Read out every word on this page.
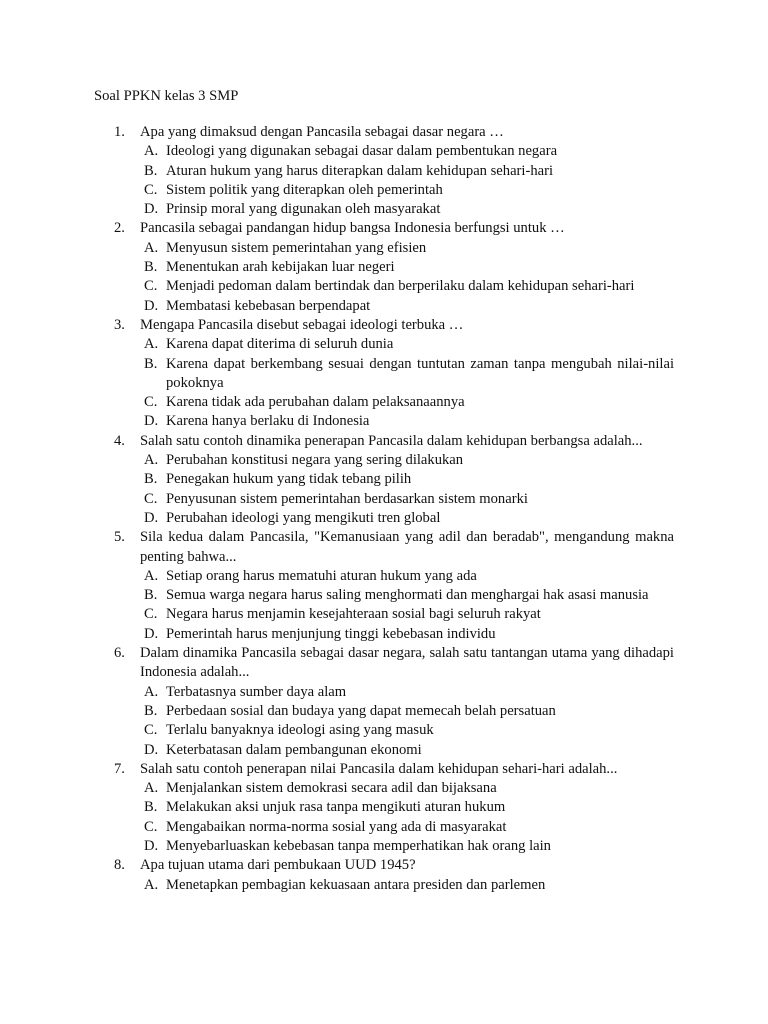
Soal PPKN kelas 3 SMP
1. Apa yang dimaksud dengan Pancasila sebagai dasar negara …
A. Ideologi yang digunakan sebagai dasar dalam pembentukan negara
B. Aturan hukum yang harus diterapkan dalam kehidupan sehari-hari
C. Sistem politik yang diterapkan oleh pemerintah
D. Prinsip moral yang digunakan oleh masyarakat
2. Pancasila sebagai pandangan hidup bangsa Indonesia berfungsi untuk …
A. Menyusun sistem pemerintahan yang efisien
B. Menentukan arah kebijakan luar negeri
C. Menjadi pedoman dalam bertindak dan berperilaku dalam kehidupan sehari-hari
D. Membatasi kebebasan berpendapat
3. Mengapa Pancasila disebut sebagai ideologi terbuka …
A. Karena dapat diterima di seluruh dunia
B. Karena dapat berkembang sesuai dengan tuntutan zaman tanpa mengubah nilai-nilai pokoknya
C. Karena tidak ada perubahan dalam pelaksanaannya
D. Karena hanya berlaku di Indonesia
4. Salah satu contoh dinamika penerapan Pancasila dalam kehidupan berbangsa adalah...
A. Perubahan konstitusi negara yang sering dilakukan
B. Penegakan hukum yang tidak tebang pilih
C. Penyusunan sistem pemerintahan berdasarkan sistem monarki
D. Perubahan ideologi yang mengikuti tren global
5. Sila kedua dalam Pancasila, "Kemanusiaan yang adil dan beradab", mengandung makna penting bahwa...
A. Setiap orang harus mematuhi aturan hukum yang ada
B. Semua warga negara harus saling menghormati dan menghargai hak asasi manusia
C. Negara harus menjamin kesejahteraan sosial bagi seluruh rakyat
D. Pemerintah harus menjunjung tinggi kebebasan individu
6. Dalam dinamika Pancasila sebagai dasar negara, salah satu tantangan utama yang dihadapi Indonesia adalah...
A. Terbatasnya sumber daya alam
B. Perbedaan sosial dan budaya yang dapat memecah belah persatuan
C. Terlalu banyaknya ideologi asing yang masuk
D. Keterbatasan dalam pembangunan ekonomi
7. Salah satu contoh penerapan nilai Pancasila dalam kehidupan sehari-hari adalah...
A. Menjalankan sistem demokrasi secara adil dan bijaksana
B. Melakukan aksi unjuk rasa tanpa mengikuti aturan hukum
C. Mengabaikan norma-norma sosial yang ada di masyarakat
D. Menyebarluaskan kebebasan tanpa memperhatikan hak orang lain
8. Apa tujuan utama dari pembukaan UUD 1945?
A. Menetapkan pembagian kekuasaan antara presiden dan parlemen
